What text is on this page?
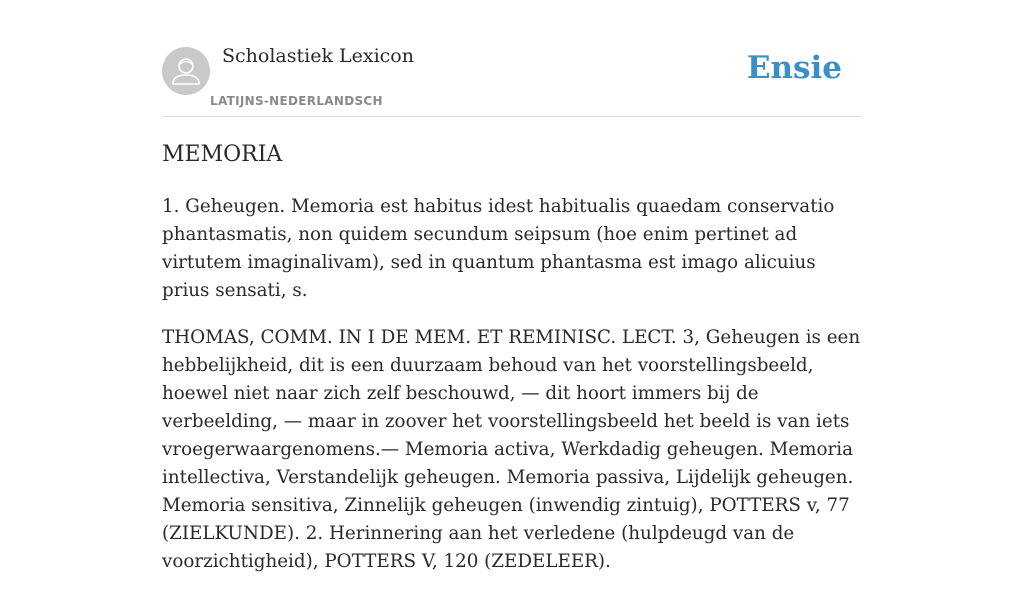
Scholastiek Lexicon
LATIJNS-NEDERLANDSCH
Ensie
MEMORIA

1. Geheugen. Memoria est habitus idest habitualis quaedam conservatio phantasmatis, non quidem secundum seipsum (hoe enim pertinet ad virtutem imaginalivam), sed in quantum phantasma est imago alicuius prius sensati, s.

THOMAS, COMM. IN I DE MEM. ET REMINISC. LECT. 3, Geheugen is een hebbelijkheid, dit is een duurzaam behoud van het voorstellingsbeeld, hoewel niet naar zich zelf beschouwd, — dit hoort immers bij de verbeelding, — maar in zoover het voorstellingsbeeld het beeld is van iets vroegerwaargenomens.— Memoria activa, Werkdadig geheugen. Memoria intellectiva, Verstandelijk geheugen. Memoria passiva, Lijdelijk geheugen. Memoria sensitiva, Zinnelijk geheugen (inwendig zintuig), POTTERS v, 77 (ZIELKUNDE). 2. Herinnering aan het verledene (hulpdeugd van de voorzichtigheid), POTTERS V, 120 (ZEDELEER).
